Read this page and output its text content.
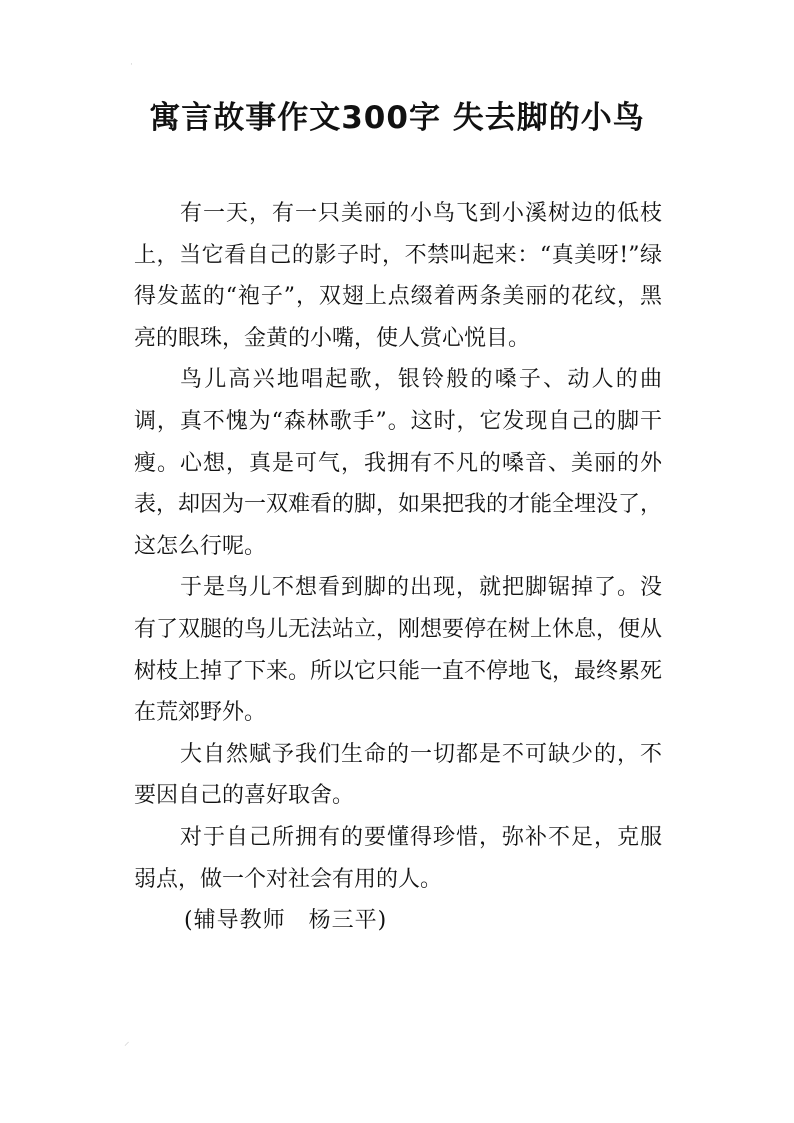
·
寓言故事作文300字 失去脚的小鸟

有一天，有一只美丽的小鸟飞到小溪树边的低枝上，当它看自己的影子时，不禁叫起来：“真美呀!”绿得发蓝的“袍子”，双翅上点缀着两条美丽的花纹，黑亮的眼珠，金黄的小嘴，使人赏心悦目。

鸟儿高兴地唱起歌，银铃般的嗓子、动人的曲调，真不愧为“森林歌手”。这时，它发现自己的脚干瘦。心想，真是可气，我拥有不凡的嗓音、美丽的外表，却因为一双难看的脚，如果把我的才能全埋没了，这怎么行呢。

于是鸟儿不想看到脚的出现，就把脚锯掉了。没有了双腿的鸟儿无法站立，刚想要停在树上休息，便从树枝上掉了下来。所以它只能一直不停地飞，最终累死在荒郊野外。

大自然赋予我们生命的一切都是不可缺少的，不要因自己的喜好取舍。

对于自己所拥有的要懂得珍惜，弥补不足，克服弱点，做一个对社会有用的人。

(辅导教师　杨三平)

⸝
